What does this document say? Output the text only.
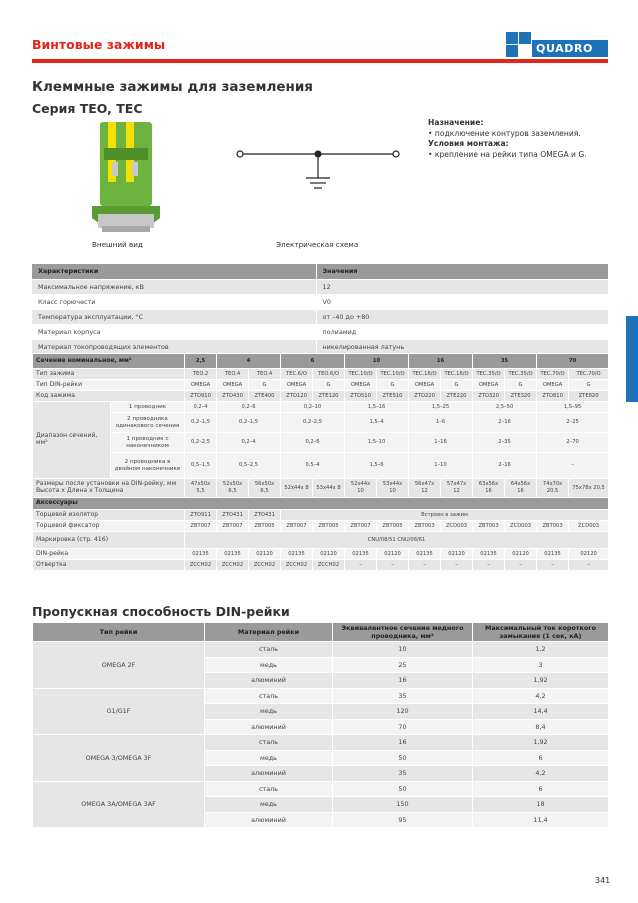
Винтовые зажимы	QUADRO
Клеммные зажимы для заземления
Серия TEO, TEC
Назначение:
• подключение контуров заземления.
Условия монтажа:
• крепление на рейки типа OMEGA и G.
Внешний вид	Электрическая схема
Характеристики	Значения
Максимальное напряжение, кВ	12
Класс горючести	V0
Температура эксплуатации, °С	от –40 до +80
Материал корпуса	полиамид
Материал токопроводящих элементов	никелированная латунь
Сечение номинальное, мм²		2,5	4		6		10		16		35		70	
Тип зажима		TEO.2	TEO.4	TEO.4	TEC.6/O	TEO.6/O	TEC.10/O	TEC.10/O	TEC.16/O	TEC.16/O	TEC.35/O	TEC.35/O	TEC.70/O	TEC.70/O
Тип DIN-рейки		OMEGA	OMEGA	G	OMEGA	G	OMEGA	G	OMEGA	G	OMEGA	G	OMEGA	G
Код зажима		ZTO910	ZTO430	ZTE400	ZTO120	ZTE120	ZTO510	ZTE510	ZTO220	ZTE220	ZTO320	ZTE320	ZTO810	ZTE820
Диапазон сечений, мм²	1 проводник	0,2–4	0,2–6		0,2–10		1,5–16		1,5–25		2,5–50		1,5–95	
	2 проводника одинакового сечения	0,2–1,5	0,2–1,5		0,2–2,5		1,5–4		1–6		2–16		2–25	
	1 проводник с наконечником	0,2–2,5	0,2–4		0,2–6		1,5–10		1–16		2–35		2–70	
	2 проводника в двойном наконечнике	0,5–1,5	0,5–2,5		0,5–4		1,5–6		1–10		2–16		–	
Размеры после установки на DIN-рейку, мм Высота х Длина х Толщина		47x50x 5,5	52x50x 6,5	56x50x 6,5	52x44x 8	53x44x 8	52x44x 10	53x44x 10	56x47x 12	57x47x 12	63x56x 16	64x56x 16	74x70x 20,5	75x78x 20,5
Аксессуары														
Торцевой изолятор		ZTO911	ZTO431	ZTO431	Встроен в зажим									
Торцевой фиксатор		ZBT007	ZBT007	ZBT005	ZBT007	ZBT005	ZBT007	ZBT005	ZBT003	ZCD003	ZBT003	ZCD003	ZBT003	ZCD003
Маркировка (стр. 416)		CNU/08/51 CNU/08/61												
DIN-рейка		02135	02135	02120	02135	02120	02135	02120	02135	02120	02135	02120	02135	02120
Отвертка		ZCCH02	ZCCH02	ZCCH02	ZCCH02	ZCCH02	–	–	–	–	–	–	–	–
Пропускная способность DIN-рейки
Тип рейки	Материал рейки	Эквивалентное сечение медного проводника, мм²	Максимальный ток короткого замыкания (1 сек, кА)
OMEGA 2F	сталь	10	1,2
	медь	25	3
	алюминий	16	1,92
G1/G1F	сталь	35	4,2
	медь	120	14,4
	алюминий	70	8,4
OMEGA 3/OMEGA 3F	сталь	16	1,92
	медь	50	6
	алюминий	35	4,2
OMEGA 3A/OMEGA 3AF	сталь	50	6
	медь	150	18
	алюминий	95	11,4
341
